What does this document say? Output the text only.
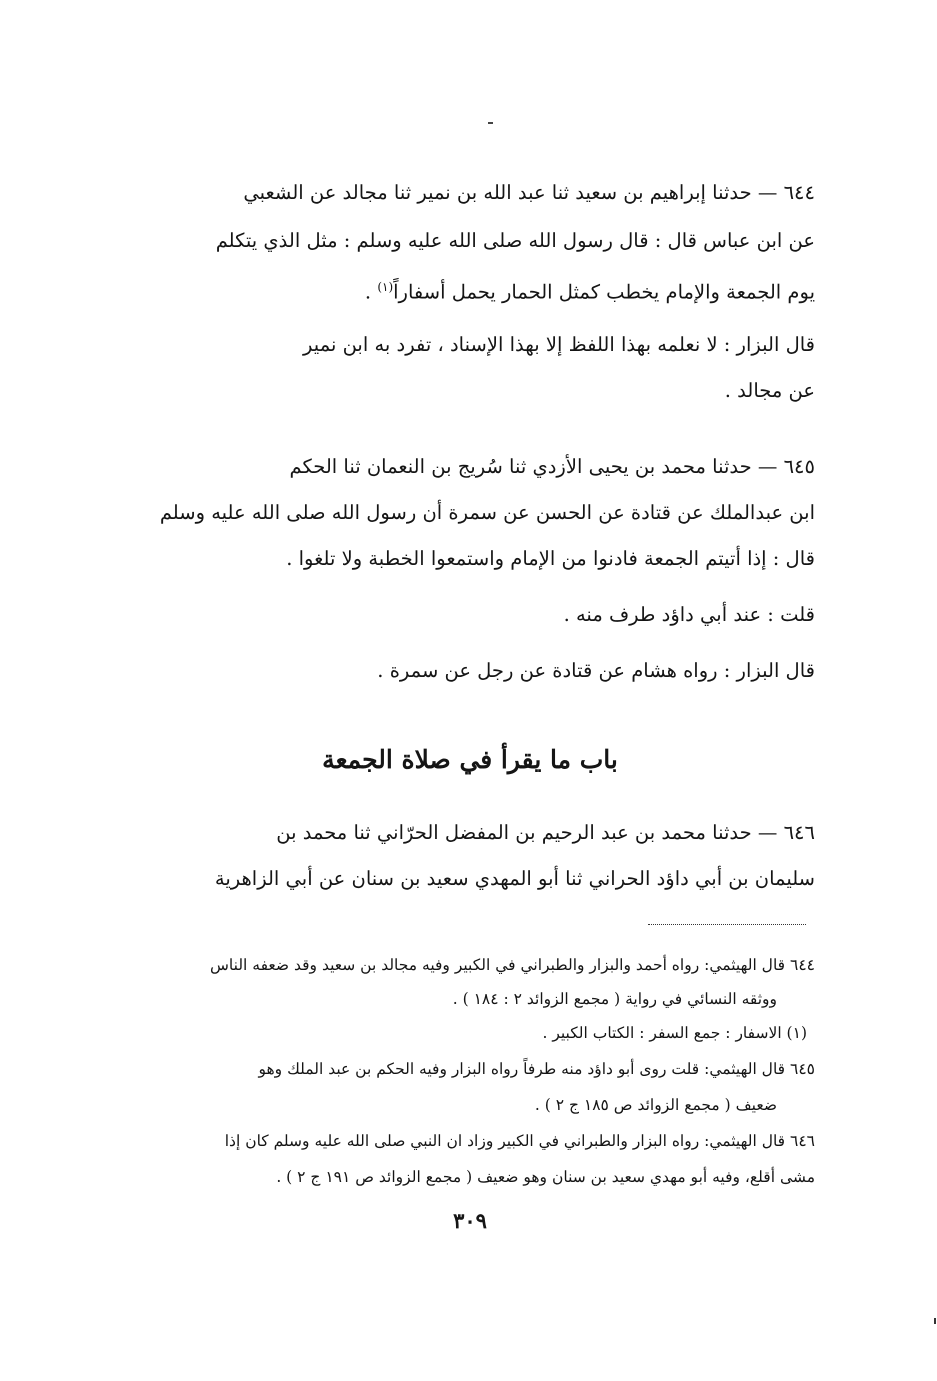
٦٤٤ — حدثنا إبراهيم بن سعيد ثنا عبد الله بن نمير ثنا مجالد عن الشعبي
عن ابن عباس قال : قال رسول الله صلى الله عليه وسلم : مثل الذي يتكلم
يوم الجمعة والإمام يخطب كمثل الحمار يحمل أسفاراً$^{(١)}$ .
قال البزار : لا نعلمه بهذا اللفظ إلا بهذا الإسناد ، تفرد به ابن نمير
عن مجالد .
٦٤٥ — حدثنا محمد بن يحيى الأزدي ثنا سُريج بن النعمان ثنا الحكم
ابن عبدالملك عن قتادة عن الحسن عن سمرة أن رسول الله صلى الله عليه وسلم
قال : إذا أتيتم الجمعة فادنوا من الإمام واستمعوا الخطبة ولا تلغوا .
قلت : عند أبي داؤد طرف منه .
قال البزار : رواه هشام عن قتادة عن رجل عن سمرة .
٦٤٦ — حدثنا محمد بن عبد الرحيم بن المفضل الحرّاني ثنا محمد بن
سليمان بن أبي داؤد الحراني ثنا أبو المهدي سعيد بن سنان عن أبي الزاهرية
باب ما يقرأ في صلاة الجمعة
٦٤٤ قال الهيثمي: رواه أحمد والبزار والطبراني في الكبير وفيه مجالد بن سعيد وقد ضعفه الناس
ووثقه النسائي في رواية ( مجمع الزوائد ٢ : ١٨٤ ) .
(١) الاسفار : جمع السفر : الكتاب الكبير .
٦٤٥ قال الهيثمي: قلت روى أبو داؤد منه طرفاً رواه البزار وفيه الحكم بن عبد الملك وهو
ضعيف ( مجمع الزوائد ص ١٨٥ ج ٢ ) .
٦٤٦ قال الهيثمي: رواه البزار والطبراني في الكبير وزاد ان النبي صلى الله عليه وسلم كان إذا
مشى أقلع، وفيه أبو مهدي سعيد بن سنان وهو ضعيف ( مجمع الزوائد ص ١٩١ ج ٢ ) .
٣٠٩
